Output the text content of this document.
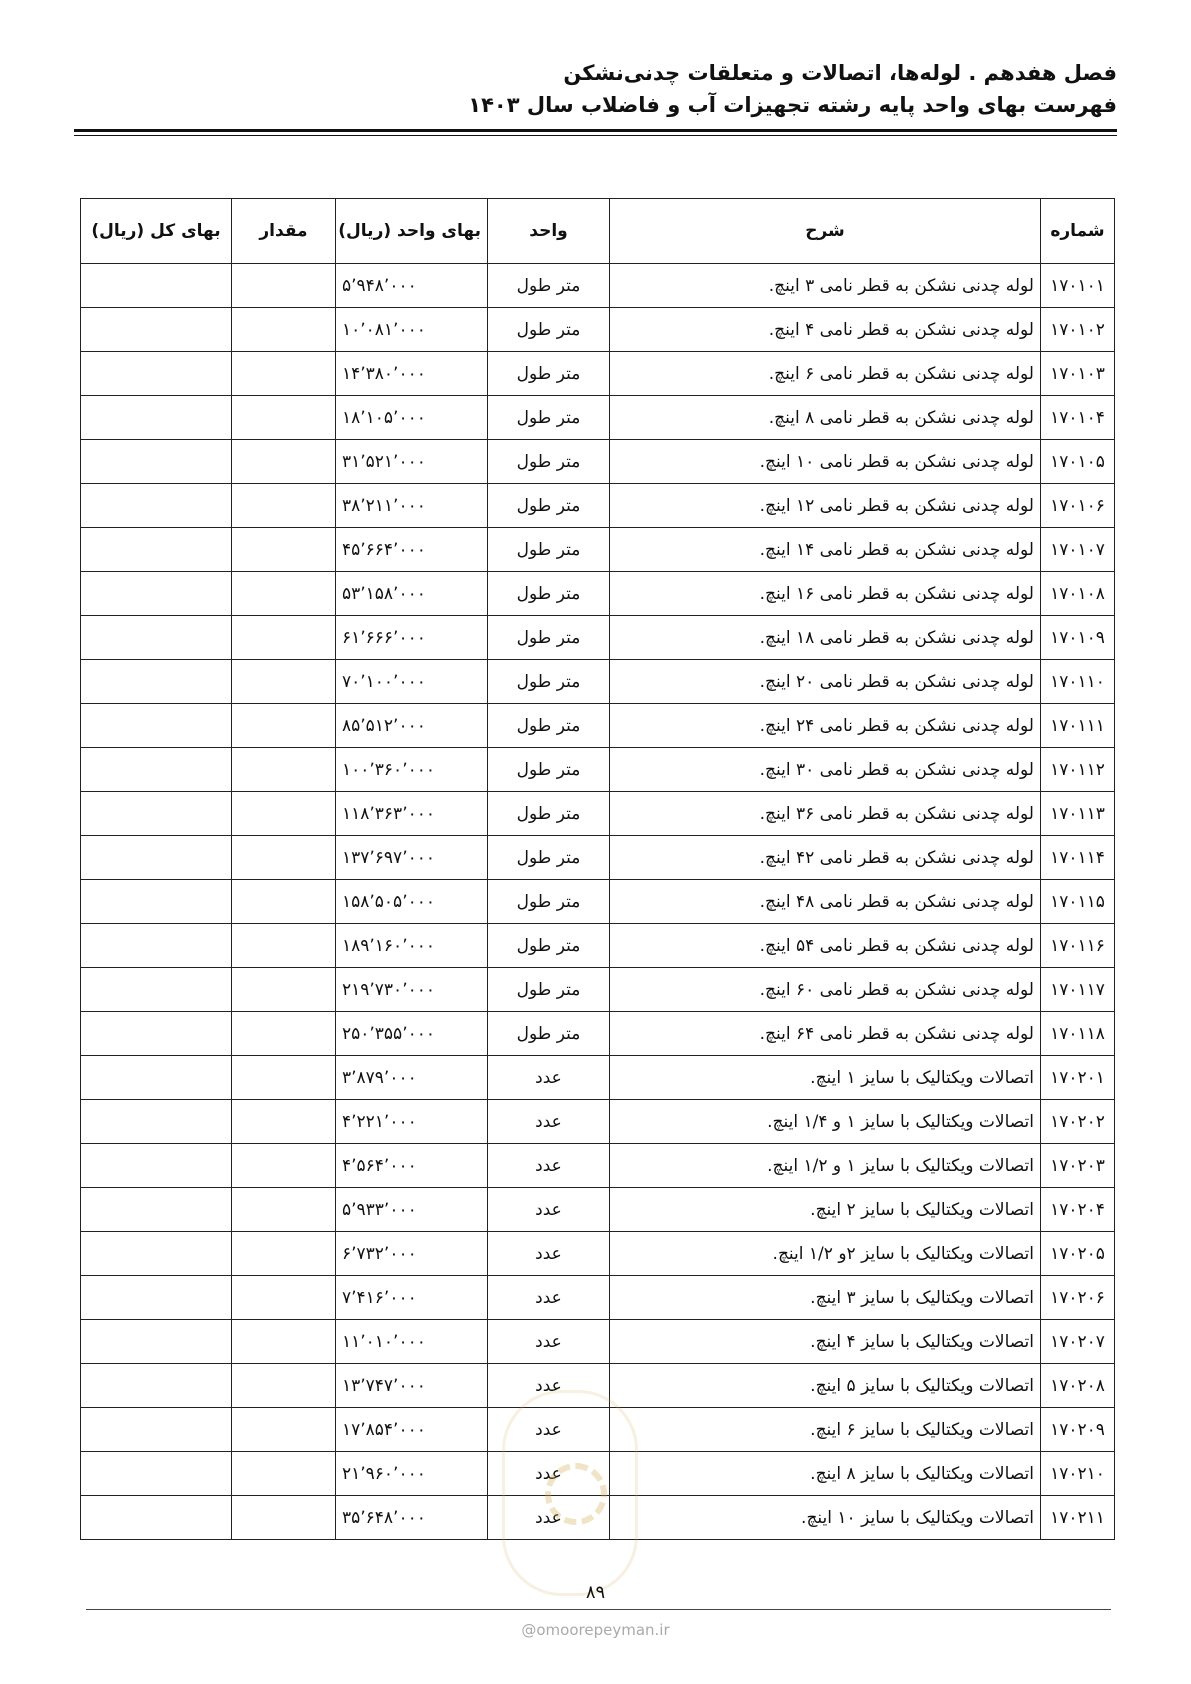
فصل هفدهم . لوله‌ها، اتصالات و متعلقات چدنی‌نشکن
فهرست بهای واحد پایه رشته تجهیزات آب و فاضلاب سال ۱۴۰۳
شماره	شرح	واحد	بهای واحد (ریال)	مقدار	بهای کل (ریال)
۱۷۰۱۰۱	لوله چدنی نشکن به قطر نامی ۳ اینچ.	متر طول	۵٬۹۴۸٬۰۰۰		
۱۷۰۱۰۲	لوله چدنی نشکن به قطر نامی ۴ اینچ.	متر طول	۱۰٬۰۸۱٬۰۰۰		
۱۷۰۱۰۳	لوله چدنی نشکن به قطر نامی ۶ اینچ.	متر طول	۱۴٬۳۸۰٬۰۰۰		
۱۷۰۱۰۴	لوله چدنی نشکن به قطر نامی ۸ اینچ.	متر طول	۱۸٬۱۰۵٬۰۰۰		
۱۷۰۱۰۵	لوله چدنی نشکن به قطر نامی ۱۰ اینچ.	متر طول	۳۱٬۵۲۱٬۰۰۰		
۱۷۰۱۰۶	لوله چدنی نشکن به قطر نامی ۱۲ اینچ.	متر طول	۳۸٬۲۱۱٬۰۰۰		
۱۷۰۱۰۷	لوله چدنی نشکن به قطر نامی ۱۴ اینچ.	متر طول	۴۵٬۶۶۴٬۰۰۰		
۱۷۰۱۰۸	لوله چدنی نشکن به قطر نامی ۱۶ اینچ.	متر طول	۵۳٬۱۵۸٬۰۰۰		
۱۷۰۱۰۹	لوله چدنی نشکن به قطر نامی ۱۸ اینچ.	متر طول	۶۱٬۶۶۶٬۰۰۰		
۱۷۰۱۱۰	لوله چدنی نشکن به قطر نامی ۲۰ اینچ.	متر طول	۷۰٬۱۰۰٬۰۰۰		
۱۷۰۱۱۱	لوله چدنی نشکن به قطر نامی ۲۴ اینچ.	متر طول	۸۵٬۵۱۲٬۰۰۰		
۱۷۰۱۱۲	لوله چدنی نشکن به قطر نامی ۳۰ اینچ.	متر طول	۱۰۰٬۳۶۰٬۰۰۰		
۱۷۰۱۱۳	لوله چدنی نشکن به قطر نامی ۳۶ اینچ.	متر طول	۱۱۸٬۳۶۳٬۰۰۰		
۱۷۰۱۱۴	لوله چدنی نشکن به قطر نامی ۴۲ اینچ.	متر طول	۱۳۷٬۶۹۷٬۰۰۰		
۱۷۰۱۱۵	لوله چدنی نشکن به قطر نامی ۴۸ اینچ.	متر طول	۱۵۸٬۵۰۵٬۰۰۰		
۱۷۰۱۱۶	لوله چدنی نشکن به قطر نامی ۵۴ اینچ.	متر طول	۱۸۹٬۱۶۰٬۰۰۰		
۱۷۰۱۱۷	لوله چدنی نشکن به قطر نامی ۶۰ اینچ.	متر طول	۲۱۹٬۷۳۰٬۰۰۰		
۱۷۰۱۱۸	لوله چدنی نشکن به قطر نامی ۶۴ اینچ.	متر طول	۲۵۰٬۳۵۵٬۰۰۰		
۱۷۰۲۰۱	اتصالات ویکتالیک با سایز ۱ اینچ.	عدد	۳٬۸۷۹٬۰۰۰		
۱۷۰۲۰۲	اتصالات ویکتالیک با سایز ۱ و ۱/۴ اینچ.	عدد	۴٬۲۲۱٬۰۰۰		
۱۷۰۲۰۳	اتصالات ویکتالیک با سایز ۱ و ۱/۲ اینچ.	عدد	۴٬۵۶۴٬۰۰۰		
۱۷۰۲۰۴	اتصالات ویکتالیک با سایز ۲ اینچ.	عدد	۵٬۹۳۳٬۰۰۰		
۱۷۰۲۰۵	اتصالات ویکتالیک با سایز ۲و ۱/۲ اینچ.	عدد	۶٬۷۳۲٬۰۰۰		
۱۷۰۲۰۶	اتصالات ویکتالیک با سایز ۳ اینچ.	عدد	۷٬۴۱۶٬۰۰۰		
۱۷۰۲۰۷	اتصالات ویکتالیک با سایز ۴ اینچ.	عدد	۱۱٬۰۱۰٬۰۰۰		
۱۷۰۲۰۸	اتصالات ویکتالیک با سایز ۵ اینچ.	عدد	۱۳٬۷۴۷٬۰۰۰		
۱۷۰۲۰۹	اتصالات ویکتالیک با سایز ۶ اینچ.	عدد	۱۷٬۸۵۴٬۰۰۰		
۱۷۰۲۱۰	اتصالات ویکتالیک با سایز ۸ اینچ.	عدد	۲۱٬۹۶۰٬۰۰۰		
۱۷۰۲۱۱	اتصالات ویکتالیک با سایز ۱۰ اینچ.	عدد	۳۵٬۶۴۸٬۰۰۰		
۸۹
@omoorepeyman.ir
